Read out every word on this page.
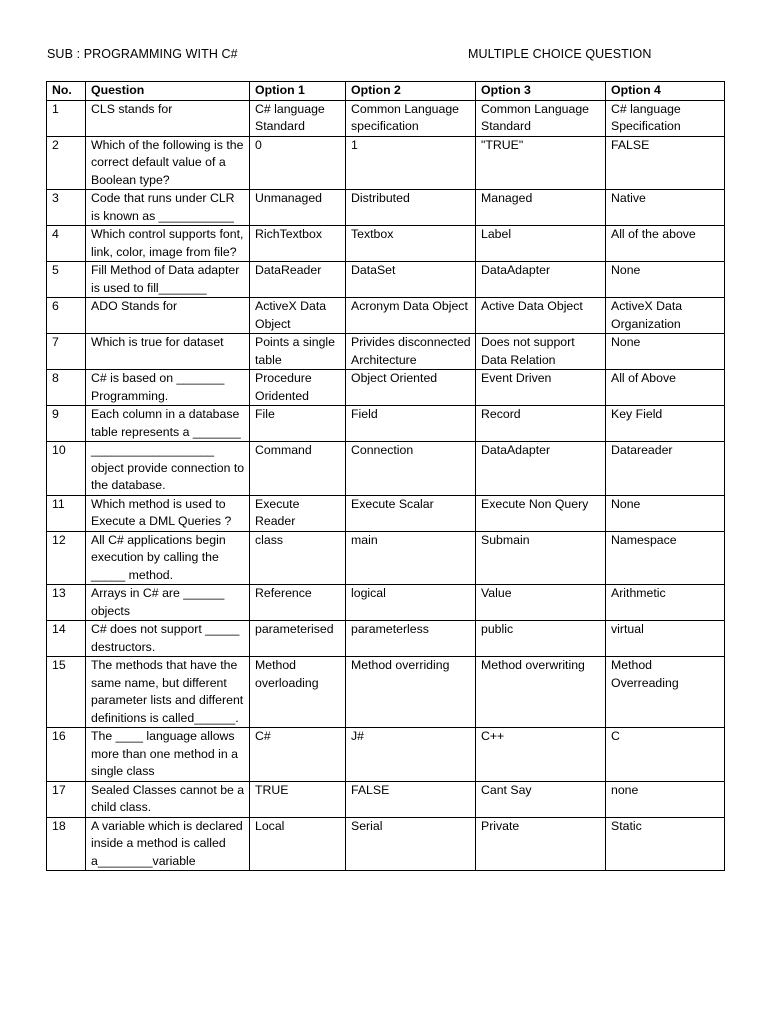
SUB : PROGRAMMING WITH C#	MULTIPLE CHOICE QUESTION
No.	Question	Option 1	Option 2	Option 3	Option 4
1	CLS stands for	C# language Standard	Common Language specification	Common Language Standard	C# language Specification
2	Which of the following is the correct default value of a Boolean type?	0	1	"TRUE"	FALSE
3	Code that runs under CLR is known as ___________	Unmanaged	Distributed	Managed	Native
4	Which control supports font, link, color, image from file?	RichTextbox	Textbox	Label	All of the above
5	Fill Method of Data adapter is used to fill_______	DataReader	DataSet	DataAdapter	None
6	ADO Stands for	ActiveX Data Object	Acronym Data Object	Active Data Object	ActiveX Data Organization
7	Which is true for dataset	Points a single table	Privides disconnected Architecture	Does not support Data Relation	None
8	C# is based on _______ Programming.	Procedure Oridented	Object Oriented	Event Driven	All of Above
9	Each column in a database table represents a _______	File	Field	Record	Key Field
10	__________________ object provide connection to the database.	Command	Connection	DataAdapter	Datareader
11	Which method is used to Execute a DML Queries ?	Execute Reader	Execute Scalar	Execute Non Query	None
12	All C# applications begin execution by calling the _____ method.	class	main	Submain	Namespace
13	Arrays in C# are ______ objects	Reference	logical	Value	Arithmetic
14	C# does not support _____ destructors.	parameterised	parameterless	public	virtual
15	The methods that have the same name, but different parameter lists and different definitions is called______.	Method overloading	Method overriding	Method overwriting	Method Overreading
16	The ____ language allows more than one method in a single class	C#	J#	C++	C
17	Sealed Classes cannot be a child class.	TRUE	FALSE	Cant Say	none
18	A variable which is declared inside a method is called a________variable	Local	Serial	Private	Static
